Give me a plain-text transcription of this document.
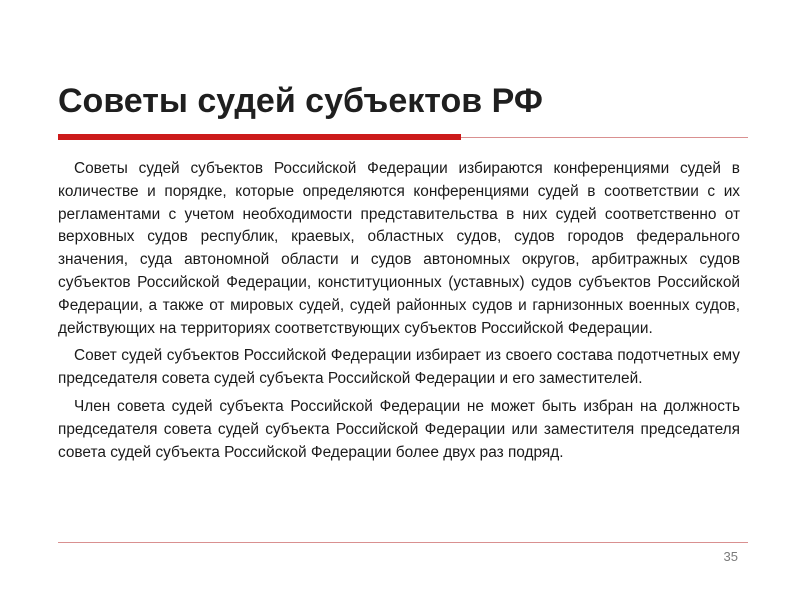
Советы судей субъектов РФ

Советы судей субъектов Российской Федерации избираются конференциями судей в количестве и порядке, которые определяются конференциями судей в соответствии с их регламентами с учетом необходимости представительства в них судей соответственно от верховных судов республик, краевых, областных судов, судов городов федерального значения, суда автономной области и судов автономных округов, арбитражных судов субъектов Российской Федерации, конституционных (уставных) судов субъектов Российской Федерации, а также от мировых судей, судей районных судов и гарнизонных военных судов, действующих на территориях соответствующих субъектов Российской Федерации.

Совет судей субъектов Российской Федерации избирает из своего состава подотчетных ему председателя совета судей субъекта Российской Федерации и его заместителей.

Член совета судей субъекта Российской Федерации не может быть избран на должность председателя совета судей субъекта Российской Федерации или заместителя председателя совета судей субъекта Российской Федерации более двух раз подряд.

35
